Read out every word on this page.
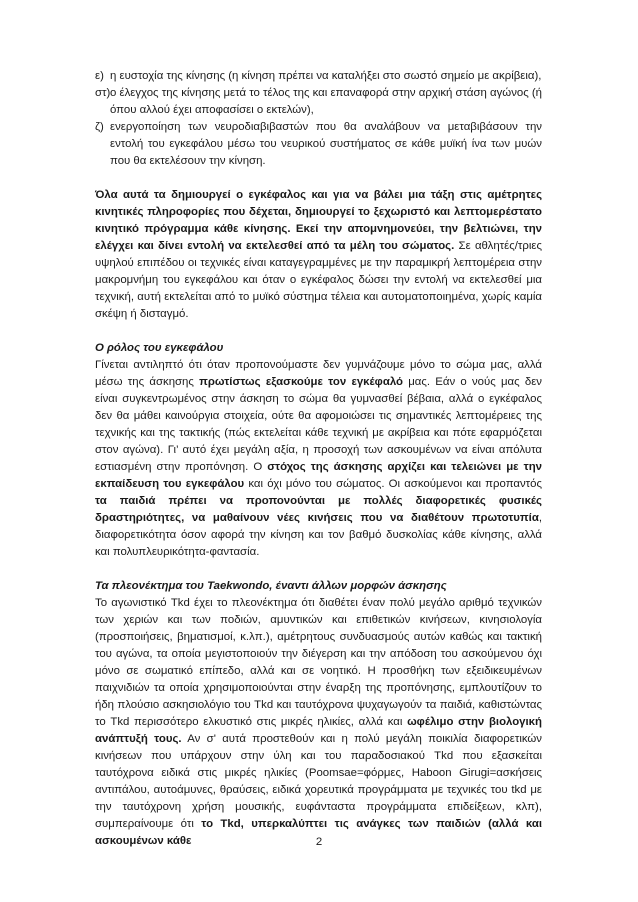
ε) η ευστοχία της κίνησης (η κίνηση πρέπει να καταλήξει στο σωστό σημείο με ακρίβεια),
στ) ο έλεγχος της κίνησης μετά το τέλος της και επαναφορά στην αρχική στάση αγώνος (ή όπου αλλού έχει αποφασίσει ο εκτελών),
ζ) ενεργοποίηση των νευροδιαβιβαστών που θα αναλάβουν να μεταβιβάσουν την εντολή του εγκεφάλου μέσω του νευρικού συστήματος σε κάθε μυϊκή ίνα των μυών που θα εκτελέσουν την κίνηση.

Όλα αυτά τα δημιουργεί ο εγκέφαλος και για να βάλει μια τάξη στις αμέτρητες κινητικές πληροφορίες που δέχεται, δημιουργεί το ξεχωριστό και λεπτομερέστατο κινητικό πρόγραμμα κάθε κίνησης. Εκεί την απομνημονεύει, την βελτιώνει, την ελέγχει και δίνει εντολή να εκτελεσθεί από τα μέλη του σώματος. Σε αθλητές/τριες υψηλού επιπέδου οι τεχνικές είναι καταγεγραμμένες με την παραμικρή λεπτομέρεια στην μακρομνήμη του εγκεφάλου και όταν ο εγκέφαλος δώσει την εντολή να εκτελεσθεί μια τεχνική, αυτή εκτελείται από το μυϊκό σύστημα τέλεια και αυτοματοποιημένα, χωρίς καμία σκέψη ή δισταγμό.

Ο ρόλος του εγκεφάλου

Γίνεται αντιληπτό ότι όταν προπονούμαστε δεν γυμνάζουμε μόνο το σώμα μας, αλλά μέσω της άσκησης πρωτίστως εξασκούμε τον εγκέφαλό μας. Εάν ο νούς μας δεν είναι συγκεντρωμένος στην άσκηση το σώμα θα γυμνασθεί βέβαια, αλλά ο εγκέφαλος δεν θα μάθει καινούργια στοιχεία, ούτε θα αφομοιώσει τις σημαντικές λεπτομέρειες της τεχνικής και της τακτικής (πώς εκτελείται κάθε τεχνική με ακρίβεια και πότε εφαρμόζεται στον αγώνα). Γι’ αυτό έχει μεγάλη αξία, η προσοχή των ασκουμένων να είναι απόλυτα εστιασμένη στην προπόνηση. Ο στόχος της άσκησης αρχίζει και τελειώνει με την εκπαίδευση του εγκεφάλου και όχι μόνο του σώματος. Οι ασκούμενοι και προπαντός τα παιδιά πρέπει να προπονούνται με πολλές διαφορετικές φυσικές δραστηριότητες, να μαθαίνουν νέες κινήσεις που να διαθέτουν πρωτοτυπία, διαφορετικότητα όσον αφορά την κίνηση και τον βαθμό δυσκολίας κάθε κίνησης, αλλά και πολυπλευρικότητα-φαντασία.

Τα πλεονέκτημα του Taekwondo, έναντι άλλων μορφών άσκησης

Το αγωνιστικό Tkd έχει το πλεονέκτημα ότι διαθέτει έναν πολύ μεγάλο αριθμό τεχνικών των χεριών και των ποδιών, αμυντικών και επιθετικών κινήσεων, κινησιολογία (προσποιήσεις, βηματισμοί, κ.λπ.), αμέτρητους συνδυασμούς αυτών καθώς και τακτική του αγώνα, τα οποία μεγιστοποιούν την διέγερση και την απόδοση του ασκούμενου όχι μόνο σε σωματικό επίπεδο, αλλά και σε νοητικό. Η προσθήκη των εξειδικευμένων παιχνιδιών τα οποία χρησιμοποιούνται στην έναρξη της προπόνησης, εμπλουτίζουν το ήδη πλούσιο ασκησιολόγιο του Tkd και ταυτόχρονα ψυχαγωγούν τα παιδιά, καθιστώντας το Tkd περισσότερο ελκυστικό στις μικρές ηλικίες, αλλά και ωφέλιμο στην βιολογική ανάπτυξή τους. Αν σ' αυτά προστεθούν και η πολύ μεγάλη ποικιλία διαφορετικών κινήσεων που υπάρχουν στην ύλη και του παραδοσιακού Tkd που εξασκείται ταυτόχρονα ειδικά στις μικρές ηλικίες (Poomsae=φόρμες, Haboon Girugi=ασκήσεις αντιπάλου, αυτοάμυνες, θραύσεις, ειδικά χορευτικά προγράμματα με τεχνικές του tkd με την ταυτόχρονη χρήση μουσικής, ευφάνταστα προγράμματα επιδείξεων, κλπ), συμπεραίνουμε ότι το Tkd, υπερκαλύπτει τις ανάγκες των παιδιών (αλλά και ασκουμένων κάθε	2
